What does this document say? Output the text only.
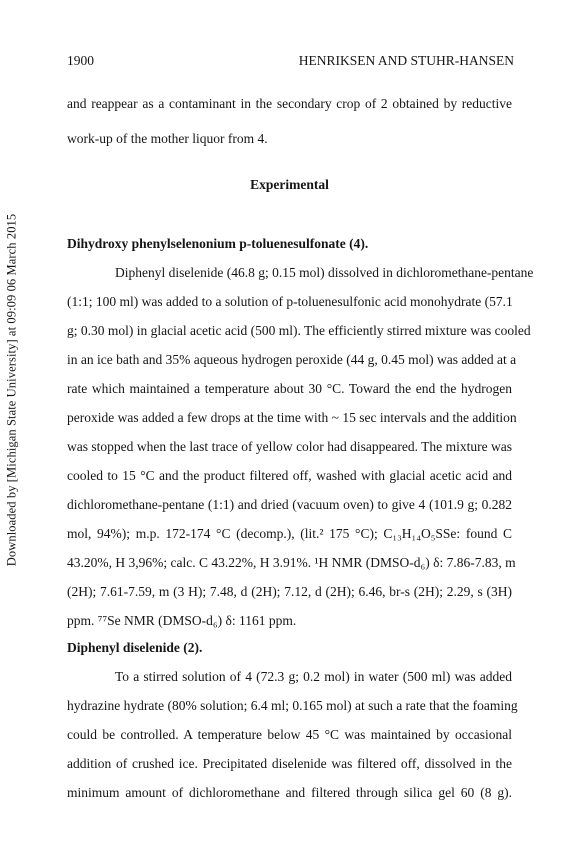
Downloaded by [Michigan State University] at 09:09 06 March 2015
1900	HENRIKSEN AND STUHR-HANSEN
and reappear as a contaminant in the secondary crop of 2 obtained by reductive
work-up of the mother liquor from 4.
Experimental
Dihydroxy phenylselenonium p-toluenesulfonate (4).
Diphenyl diselenide (46.8 g; 0.15 mol) dissolved in dichloromethane-pentane
(1:1; 100 ml) was added to a solution of p-toluenesulfonic acid monohydrate (57.1
g; 0.30 mol) in glacial acetic acid (500 ml). The efficiently stirred mixture was cooled
in an ice bath and 35% aqueous hydrogen peroxide (44 g, 0.45 mol) was added at a
rate which maintained a temperature about 30 °C. Toward the end the hydrogen
peroxide was added a few drops at the time with ~ 15 sec intervals and the addition
was stopped when the last trace of yellow color had disappeared. The mixture was
cooled to 15 °C and the product filtered off, washed with glacial acetic acid and
dichloromethane-pentane (1:1) and dried (vacuum oven) to give 4 (101.9 g; 0.282
mol, 94%); m.p. 172-174 °C (decomp.), (lit.² 175 °C); C₁₃H₁₄O₅SSe: found C
43.20%, H 3,96%; calc. C 43.22%, H 3.91%. ¹H NMR (DMSO-d₆) δ: 7.86-7.83, m
(2H); 7.61-7.59, m (3 H); 7.48, d (2H); 7.12, d (2H); 6.46, br-s (2H); 2.29, s (3H)
ppm. ⁷⁷Se NMR (DMSO-d₆) δ: 1161 ppm.
Diphenyl diselenide (2).
To a stirred solution of 4 (72.3 g; 0.2 mol) in water (500 ml) was added
hydrazine hydrate (80% solution; 6.4 ml; 0.165 mol) at such a rate that the foaming
could be controlled. A temperature below 45 °C was maintained by occasional
addition of crushed ice. Precipitated diselenide was filtered off, dissolved in the
minimum amount of dichloromethane and filtered through silica gel 60 (8 g).
